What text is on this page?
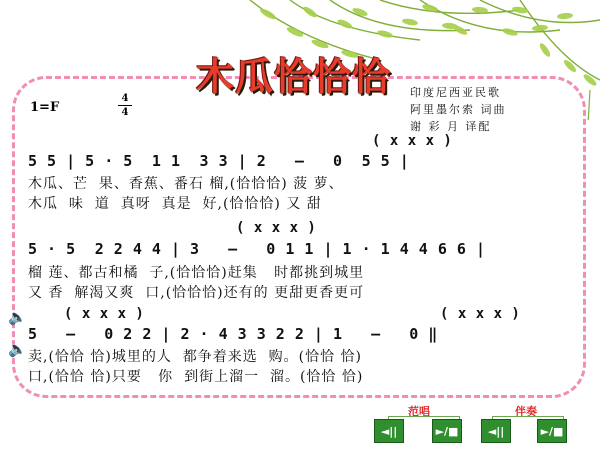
木瓜恰恰恰
1=F
4
4
印度尼西亚民歌
阿里墨尔索 词曲
谢 彩 月 译配
( x x x )
5 5 | 5 · 5  1 1  3 3 | 2   –   0  5 5 |
木瓜、芒  果、香蕉、番石 榴,(恰恰恰) 菠 萝、
木瓜  味  道  真呀  真是  好,(恰恰恰) 又 甜
( x x x )
5 · 5  2 2 4 4 | 3   –   0 1 1 | 1 · 1 4 4 6 6 |
榴 莲、都古和橘  子,(恰恰恰)赶集   时都挑到城里
又 香  解渴又爽  口,(恰恰恰)还有的 更甜更香更可
🔈
🔈
( x x x )	( x x x )
5   –   0 2 2 | 2 · 4 3 3 2 2 | 1   –   0 ‖
卖,(恰恰 恰)城里的人  都争着来选  购。(恰恰 恰)
口,(恰恰 恰)只要   你  到街上溜一  溜。(恰恰 恰)
范唱	伴奏
◄||	►/■	◄||	►/■
